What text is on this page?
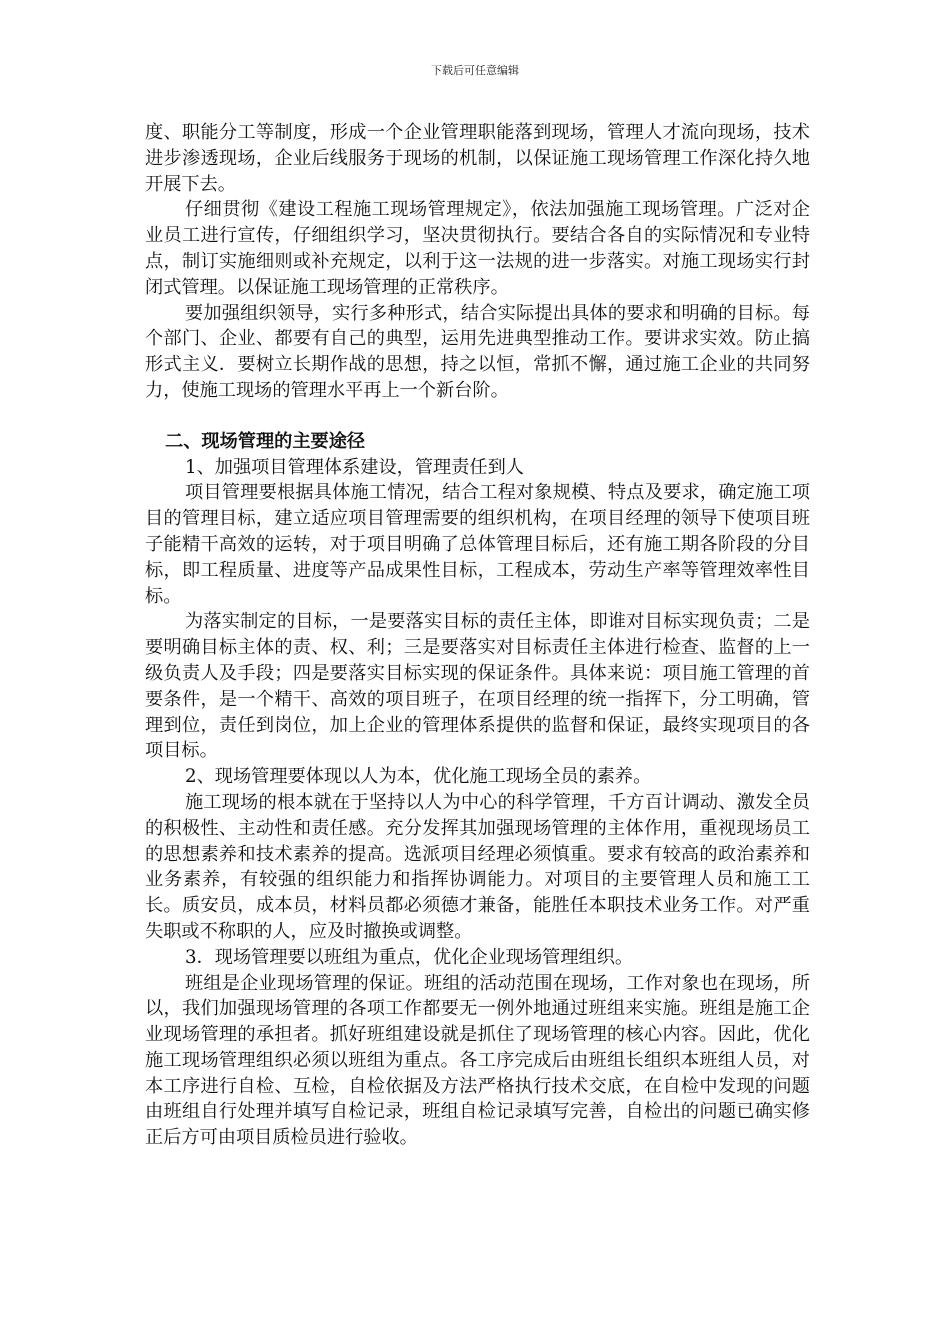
下载后可任意编辑

度、职能分工等制度，形成一个企业管理职能落到现场，管理人才流向现场，技术进步渗透现场，企业后线服务于现场的机制，以保证施工现场管理工作深化持久地开展下去。

仔细贯彻《建设工程施工现场管理规定》，依法加强施工现场管理。广泛对企业员工进行宣传，仔细组织学习，坚决贯彻执行。要结合各自的实际情况和专业特点，制订实施细则或补充规定，以利于这一法规的进一步落实。对施工现场实行封闭式管理。以保证施工现场管理的正常秩序。

要加强组织领导，实行多种形式，结合实际提出具体的要求和明确的目标。每个部门、企业、都要有自己的典型，运用先进典型推动工作。要讲求实效。防止搞形式主义．要树立长期作战的思想，持之以恒，常抓不懈，通过施工企业的共同努力，使施工现场的管理水平再上一个新台阶。

二、现场管理的主要途径

1、加强项目管理体系建设，管理责任到人

项目管理要根据具体施工情况，结合工程对象规模、特点及要求，确定施工项目的管理目标，建立适应项目管理需要的组织机构，在项目经理的领导下使项目班子能精干高效的运转，对于项目明确了总体管理目标后，还有施工期各阶段的分目标，即工程质量、进度等产品成果性目标，工程成本，劳动生产率等管理效率性目标。

为落实制定的目标，一是要落实目标的责任主体，即谁对目标实现负责；二是要明确目标主体的责、权、利；三是要落实对目标责任主体进行检查、监督的上一级负责人及手段；四是要落实目标实现的保证条件。具体来说：项目施工管理的首要条件，是一个精干、高效的项目班子，在项目经理的统一指挥下，分工明确，管理到位，责任到岗位，加上企业的管理体系提供的监督和保证，最终实现项目的各项目标。

2、现场管理要体现以人为本，优化施工现场全员的素养。

施工现场的根本就在于坚持以人为中心的科学管理，千方百计调动、激发全员的积极性、主动性和责任感。充分发挥其加强现场管理的主体作用，重视现场员工的思想素养和技术素养的提高。选派项目经理必须慎重。要求有较高的政治素养和业务素养，有较强的组织能力和指挥协调能力。对项目的主要管理人员和施工工长。质安员，成本员，材料员都必须德才兼备，能胜任本职技术业务工作。对严重失职或不称职的人，应及时撤换或调整。

3．现场管理要以班组为重点，优化企业现场管理组织。

班组是企业现场管理的保证。班组的活动范围在现场，工作对象也在现场，所以，我们加强现场管理的各项工作都要无一例外地通过班组来实施。班组是施工企业现场管理的承担者。抓好班组建设就是抓住了现场管理的核心内容。因此，优化施工现场管理组织必须以班组为重点。各工序完成后由班组长组织本班组人员，对本工序进行自检、互检，自检依据及方法严格执行技术交底，在自检中发现的问题由班组自行处理并填写自检记录，班组自检记录填写完善，自检出的问题已确实修正后方可由项目质检员进行验收。
